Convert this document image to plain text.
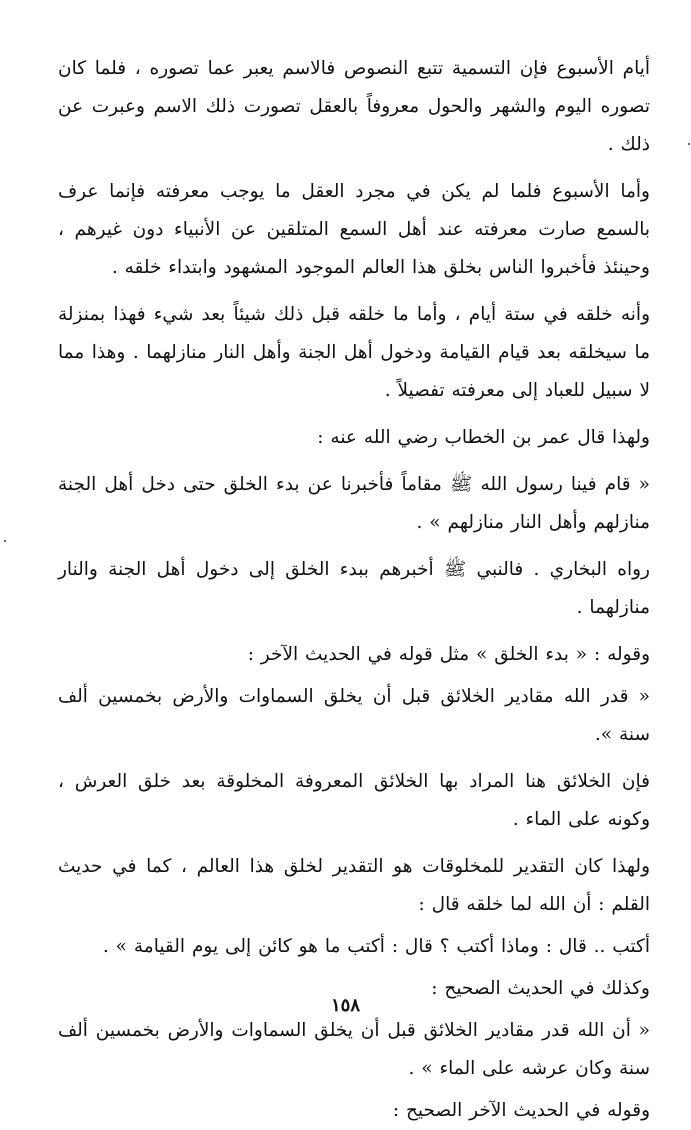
أيام الأسبوع فإن التسمية تتبع النصوص فالاسم يعبر عما تصوره ، فلما كان تصوره اليوم والشهر والحول معروفاً بالعقل تصورت ذلك الاسم وعبرت عن ذلك .

وأما الأسبوع فلما لم يكن في مجرد العقل ما يوجب معرفته فإنما عرف بالسمع صارت معرفته عند أهل السمع المتلقين عن الأنبياء دون غيرهم ، وحينئذ فأخبروا الناس بخلق هذا العالم الموجود المشهود وابتداء خلقه .

وأنه خلقه في ستة أيام ، وأما ما خلقه قبل ذلك شيئاً بعد شيء فهذا بمنزلة ما سيخلقه بعد قيام القيامة ودخول أهل الجنة وأهل النار منازلهما . وهذا مما لا سبيل للعباد إلى معرفته تفصيلاً .

ولهذا قال عمر بن الخطاب رضي الله عنه :

« قام فينا رسول الله ﷺ مقاماً فأخبرنا عن بدء الخلق حتى دخل أهل الجنة منازلهم وأهل النار منازلهم » .

رواه البخاري . فالنبي ﷺ أخبرهم ببدء الخلق إلى دخول أهل الجنة والنار منازلهما .

وقوله : « بدء الخلق » مثل قوله في الحديث الآخر :

« قدر الله مقادير الخلائق قبل أن يخلق السماوات والأرض بخمسين ألف سنة ».

فإن الخلائق هنا المراد بها الخلائق المعروفة المخلوقة بعد خلق العرش ، وكونه على الماء .

ولهذا كان التقدير للمخلوقات هو التقدير لخلق هذا العالم ، كما في حديث القلم : أن الله لما خلقه قال :

أكتب .. قال : وماذا أكتب ؟ قال : أكتب ما هو كائن إلى يوم القيامة » .

وكذلك في الحديث الصحيح :

« أن الله قدر مقادير الخلائق قبل أن يخلق السماوات والأرض بخمسين ألف سنة وكان عرشه على الماء » .

وقوله في الحديث الآخر الصحيح :

١٥٨
